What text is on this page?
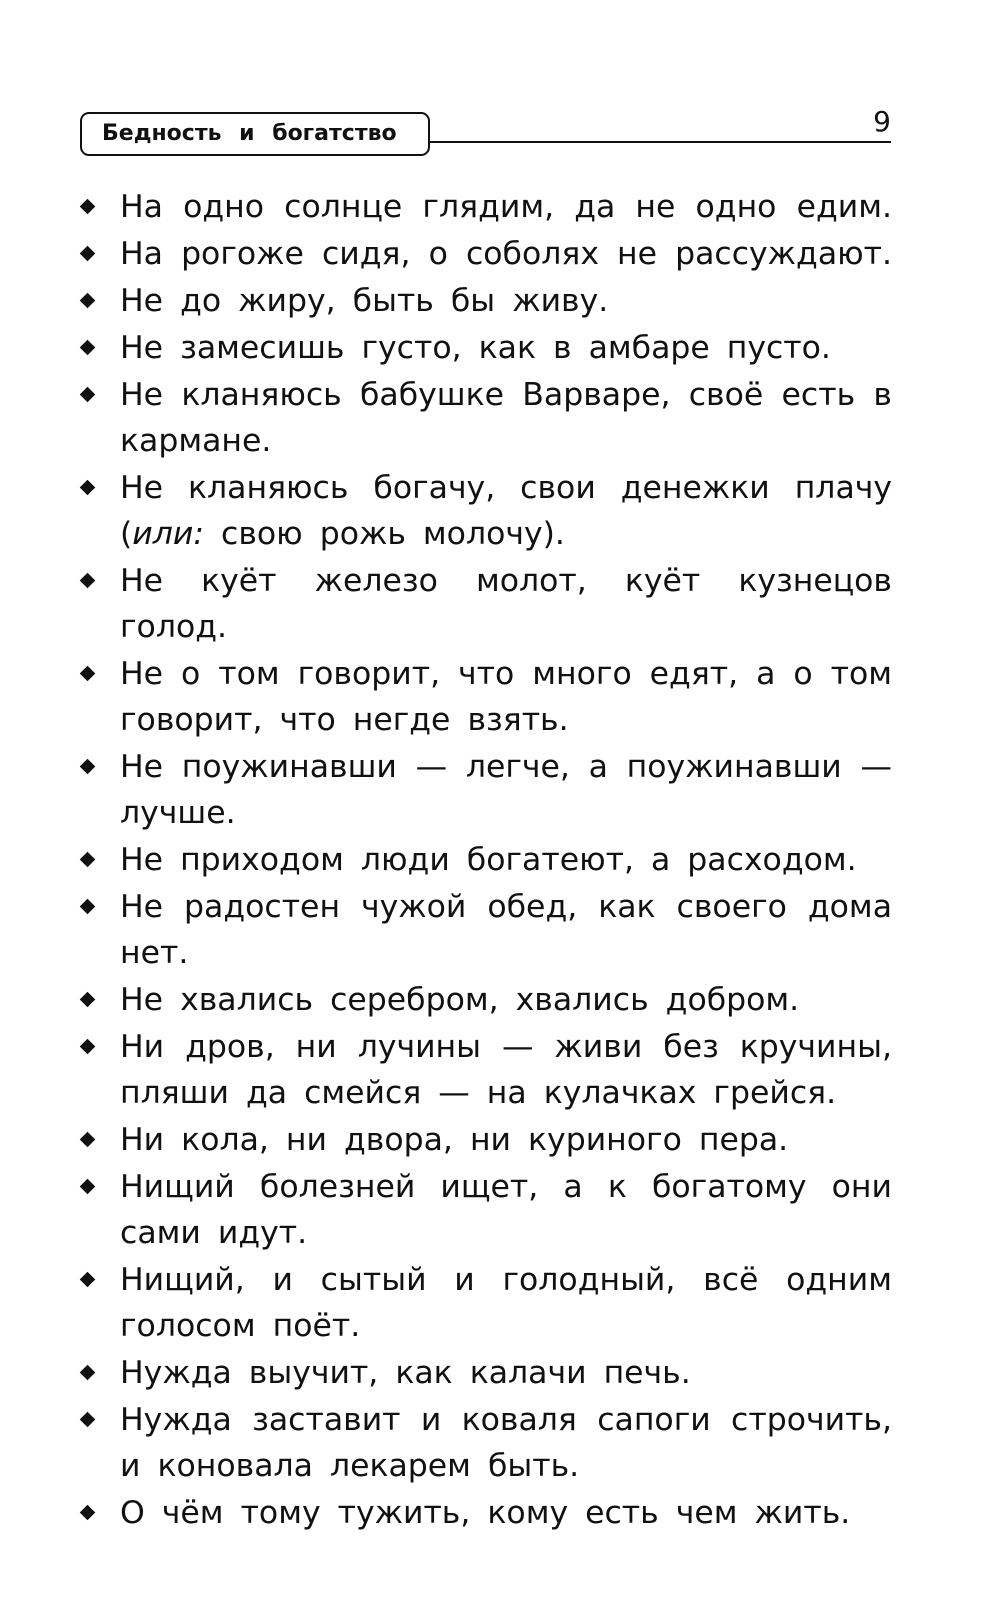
Бедность и богатство	9
На одно солнце глядим, да не одно едим.
На рогоже сидя, о соболях не рассуждают.
Не до жиру, быть бы живу.
Не замесишь густо, как в амбаре пусто.
Не кланяюсь бабушке Варваре, своё есть в кармане.
Не кланяюсь богачу, свои денежки плачу (или: свою рожь молочу).
Не куёт железо молот, куёт кузнецов голод.
Не о том говорит, что много едят, а о том говорит, что негде взять.
Не поужинавши — легче, а поужинавши — лучше.
Не приходом люди богатеют, а расходом.
Не радостен чужой обед, как своего дома нет.
Не хвались серебром, хвались добром.
Ни дров, ни лучины — живи без кручины, пляши да смейся — на кулачках грейся.
Ни кола, ни двора, ни куриного пера.
Нищий болезней ищет, а к богатому они сами идут.
Нищий, и сытый и голодный, всё одним голосом поёт.
Нужда выучит, как калачи печь.
Нужда заставит и коваля сапоги строчить, и коновала лекарем быть.
О чём тому тужить, кому есть чем жить.
